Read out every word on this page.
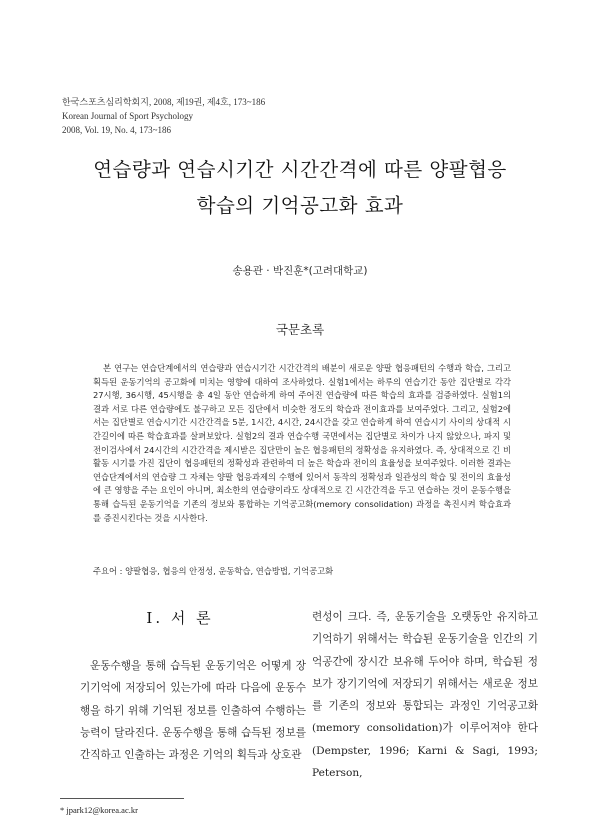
한국스포츠심리학회지, 2008, 제19권, 제4호, 173~186
Korean Journal of Sport Psychology
2008, Vol. 19, No. 4, 173~186
연습량과 연습시기간 시간간격에 따른 양팔협응
학습의 기억공고화 효과
송용관 · 박진훈*(고려대학교)
국문초록

본 연구는 연습단계에서의 연습량과 연습시기간 시간간격의 배분이 새로운 양팔 협응패턴의 수행과 학습, 그리고 획득된 운동기억의 공고화에 미치는 영향에 대하여 조사하였다. 실험1에서는 하루의 연습기간 동안 집단별로 각각 27시행, 36시행, 45시행을 총 4일 동안 연습하게 하여 주어진 연습량에 따른 학습의 효과를 검증하였다. 실험1의 결과 서로 다른 연습량에도 불구하고 모든 집단에서 비슷한 정도의 학습과 전이효과를 보여주었다. 그리고, 실험2에서는 집단별로 연습시기간 시간간격을 5분, 1시간, 4시간, 24시간을 갖고 연습하게 하여 연습시기 사이의 상대적 시간길이에 따른 학습효과를 살펴보았다. 실험2의 결과 연습수행 국면에서는 집단별로 차이가 나지 않았으나, 파지 및 전이검사에서 24시간의 시간간격을 제시받은 집단만이 높은 협응패턴의 정확성을 유지하였다. 즉, 상대적으로 긴 비활동 시기를 가진 집단이 협응패턴의 정확성과 관련하여 더 높은 학습과 전이의 효율성을 보여주었다. 이러한 결과는 연습단계에서의 연습량 그 자체는 양팔 협응과제의 수행에 있어서 동작의 정확성과 일관성의 학습 및 전이의 효율성에 큰 영향을 주는 요인이 아니며, 최소한의 연습량이라도 상대적으로 긴 시간간격을 두고 연습하는 것이 운동수행을 통해 습득된 운동기억을 기존의 정보와 통합하는 기억공고화(memory consolidation) 과정을 촉진시켜 학습효과를 증진시킨다는 것을 시사한다.

주요어 : 양팔협응, 협응의 안정성, 운동학습, 연습방법, 기억공고화
I. 서 론

운동수행을 통해 습득된 운동기억은 어떻게 장기기억에 저장되어 있는가에 따라 다음에 운동수행을 하기 위해 기억된 정보를 인출하여 수행하는 능력이 달라진다. 운동수행을 통해 습득된 정보를 간직하고 인출하는 과정은 기억의 획득과 상호관

련성이 크다. 즉, 운동기술을 오랫동안 유지하고 기억하기 위해서는 학습된 운동기술을 인간의 기억공간에 장시간 보유해 두어야 하며, 학습된 정보가 장기기억에 저장되기 위해서는 새로운 정보를 기존의 정보와 통합되는 과정인 기억공고화(memory consolidation)가 이루어져야 한다(Dempster, 1996; Karni & Sagi, 1993; Peterson,

* jpark12@korea.ac.kr
